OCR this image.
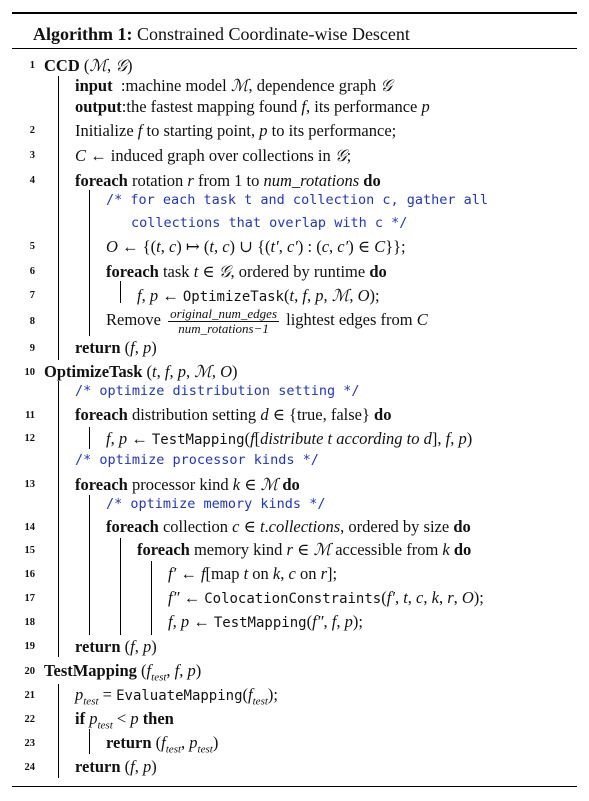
Algorithm 1: Constrained Coordinate-wise Descent
1
2
3
4
5
6
7
8
9
10
11
12
13
14
15
16
17
18
19
20
21
22
23
24
CCD (ℳ, 𝒢)
input  :machine model ℳ, dependence graph 𝒢
output:the fastest mapping found f, its performance p
Initialize f to starting point, p to its performance;
C ← induced graph over collections in 𝒢;
foreach rotation r from 1 to num_rotations do
/* for each task t and collection c, gather all
collections that overlap with c */
O ← {(t, c) ↦ (t, c) ∪ {(t′, c′) : (c, c′) ∈ C}};
foreach task t ∈ 𝒢, ordered by runtime do
f, p ← OptimizeTask(t, f, p, ℳ, O);
Remove $\frac{\text{original\_num\_edges}}{\text{num\_rotations−1}}$ lightest edges from C
return (f, p)
OptimizeTask (t, f, p, ℳ, O)
/* optimize distribution setting */
foreach distribution setting d ∈ {true, false} do
f, p ← TestMapping(f[distribute t according to d], f, p)
/* optimize processor kinds */
foreach processor kind k ∈ ℳ do
/* optimize memory kinds */
foreach collection c ∈ t.collections, ordered by size do
foreach memory kind r ∈ ℳ accessible from k do
f′ ← f[map t on k, c on r];
f″ ← ColocationConstraints(f′, t, c, k, r, O);
f, p ← TestMapping(f″, f, p);
return (f, p)
TestMapping ($f_{test}$, f, p)
$p_{test}$ = $EvaluateMapping(f_{test})$;
if $p_{test} < p$ then
return ($f_{test}$, $p_{test}$)
return (f, p)
